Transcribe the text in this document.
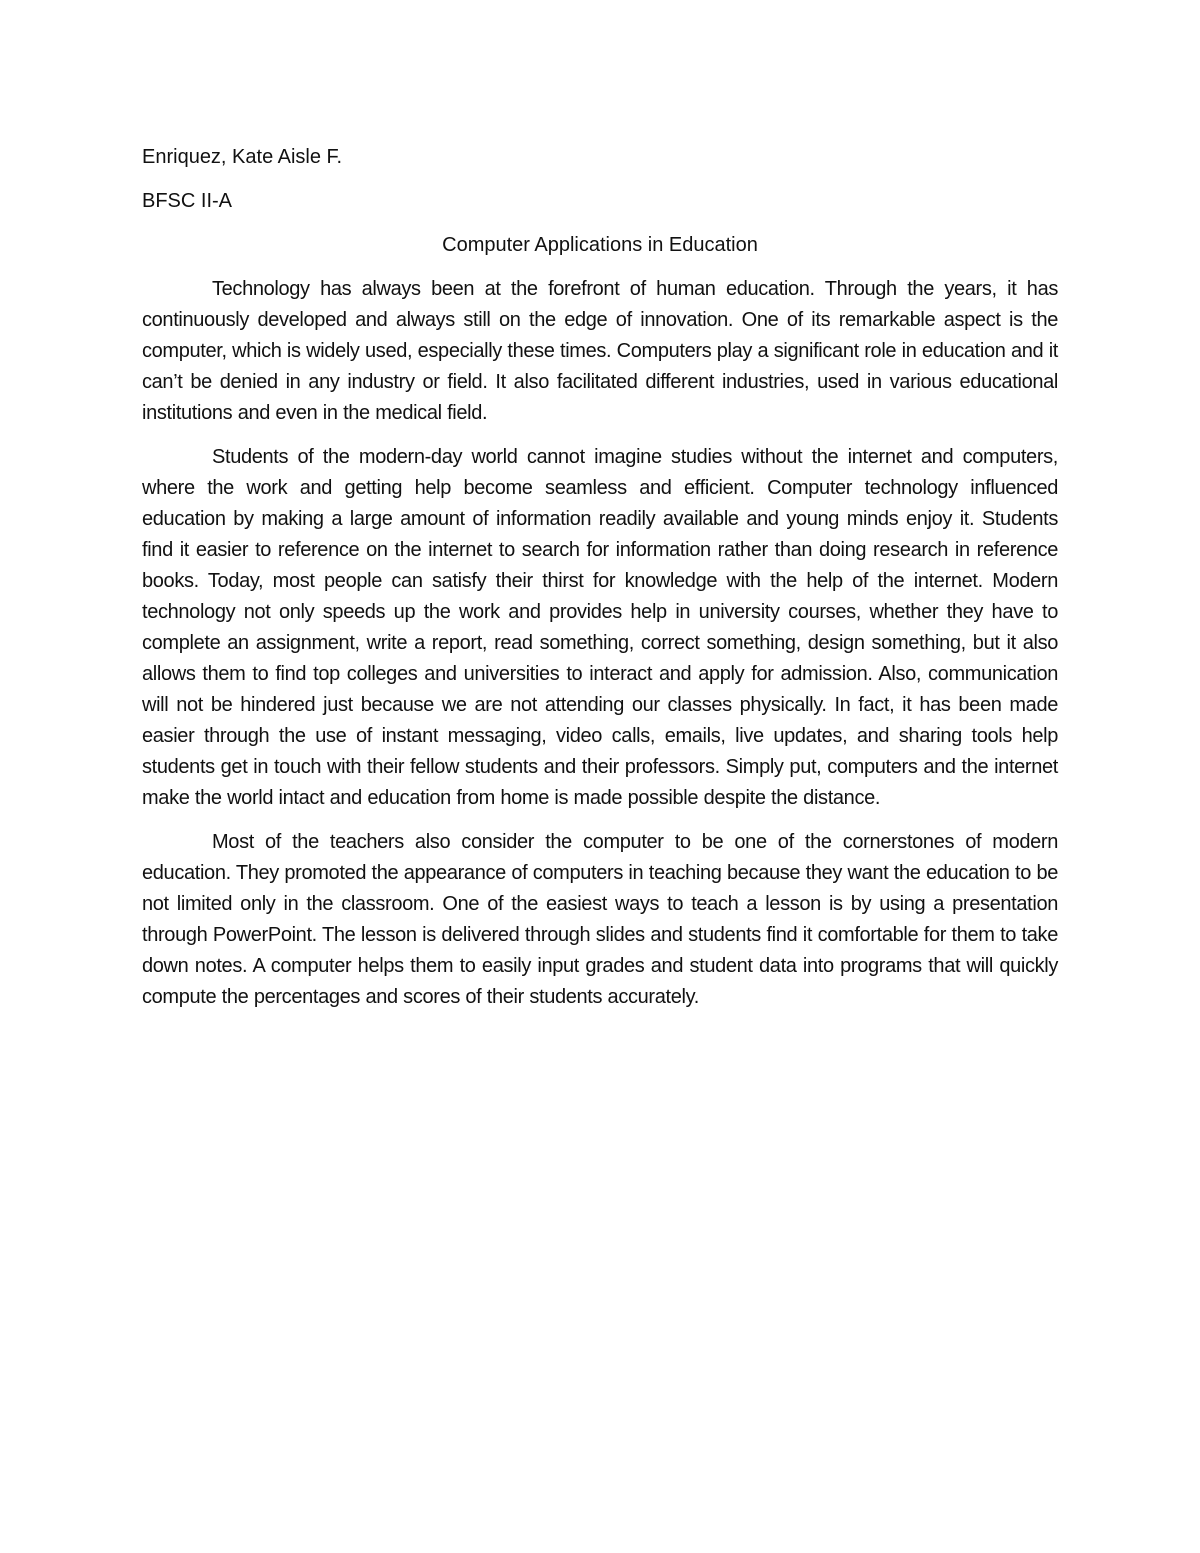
Enriquez, Kate Aisle F.

BFSC II-A

Computer Applications in Education

Technology has always been at the forefront of human education. Through the years, it has continuously developed and always still on the edge of innovation. One of its remarkable aspect is the computer, which is widely used, especially these times. Computers play a significant role in education and it can’t be denied in any industry or field. It also facilitated different industries, used in various educational institutions and even in the medical field.

Students of the modern-day world cannot imagine studies without the internet and computers, where the work and getting help become seamless and efficient. Computer technology influenced education by making a large amount of information readily available and young minds enjoy it. Students find it easier to reference on the internet to search for information rather than doing research in reference books. Today, most people can satisfy their thirst for knowledge with the help of the internet. Modern technology not only speeds up the work and provides help in university courses, whether they have to complete an assignment, write a report, read something, correct something, design something, but it also allows them to find top colleges and universities to interact and apply for admission. Also, communication will not be hindered just because we are not attending our classes physically. In fact, it has been made easier through the use of instant messaging, video calls, emails, live updates, and sharing tools help students get in touch with their fellow students and their professors. Simply put, computers and the internet make the world intact and education from home is made possible despite the distance.

Most of the teachers also consider the computer to be one of the cornerstones of modern education. They promoted the appearance of computers in teaching because they want the education to be not limited only in the classroom. One of the easiest ways to teach a lesson is by using a presentation through PowerPoint. The lesson is delivered through slides and students find it comfortable for them to take down notes. A computer helps them to easily input grades and student data into programs that will quickly compute the percentages and scores of their students accurately.
